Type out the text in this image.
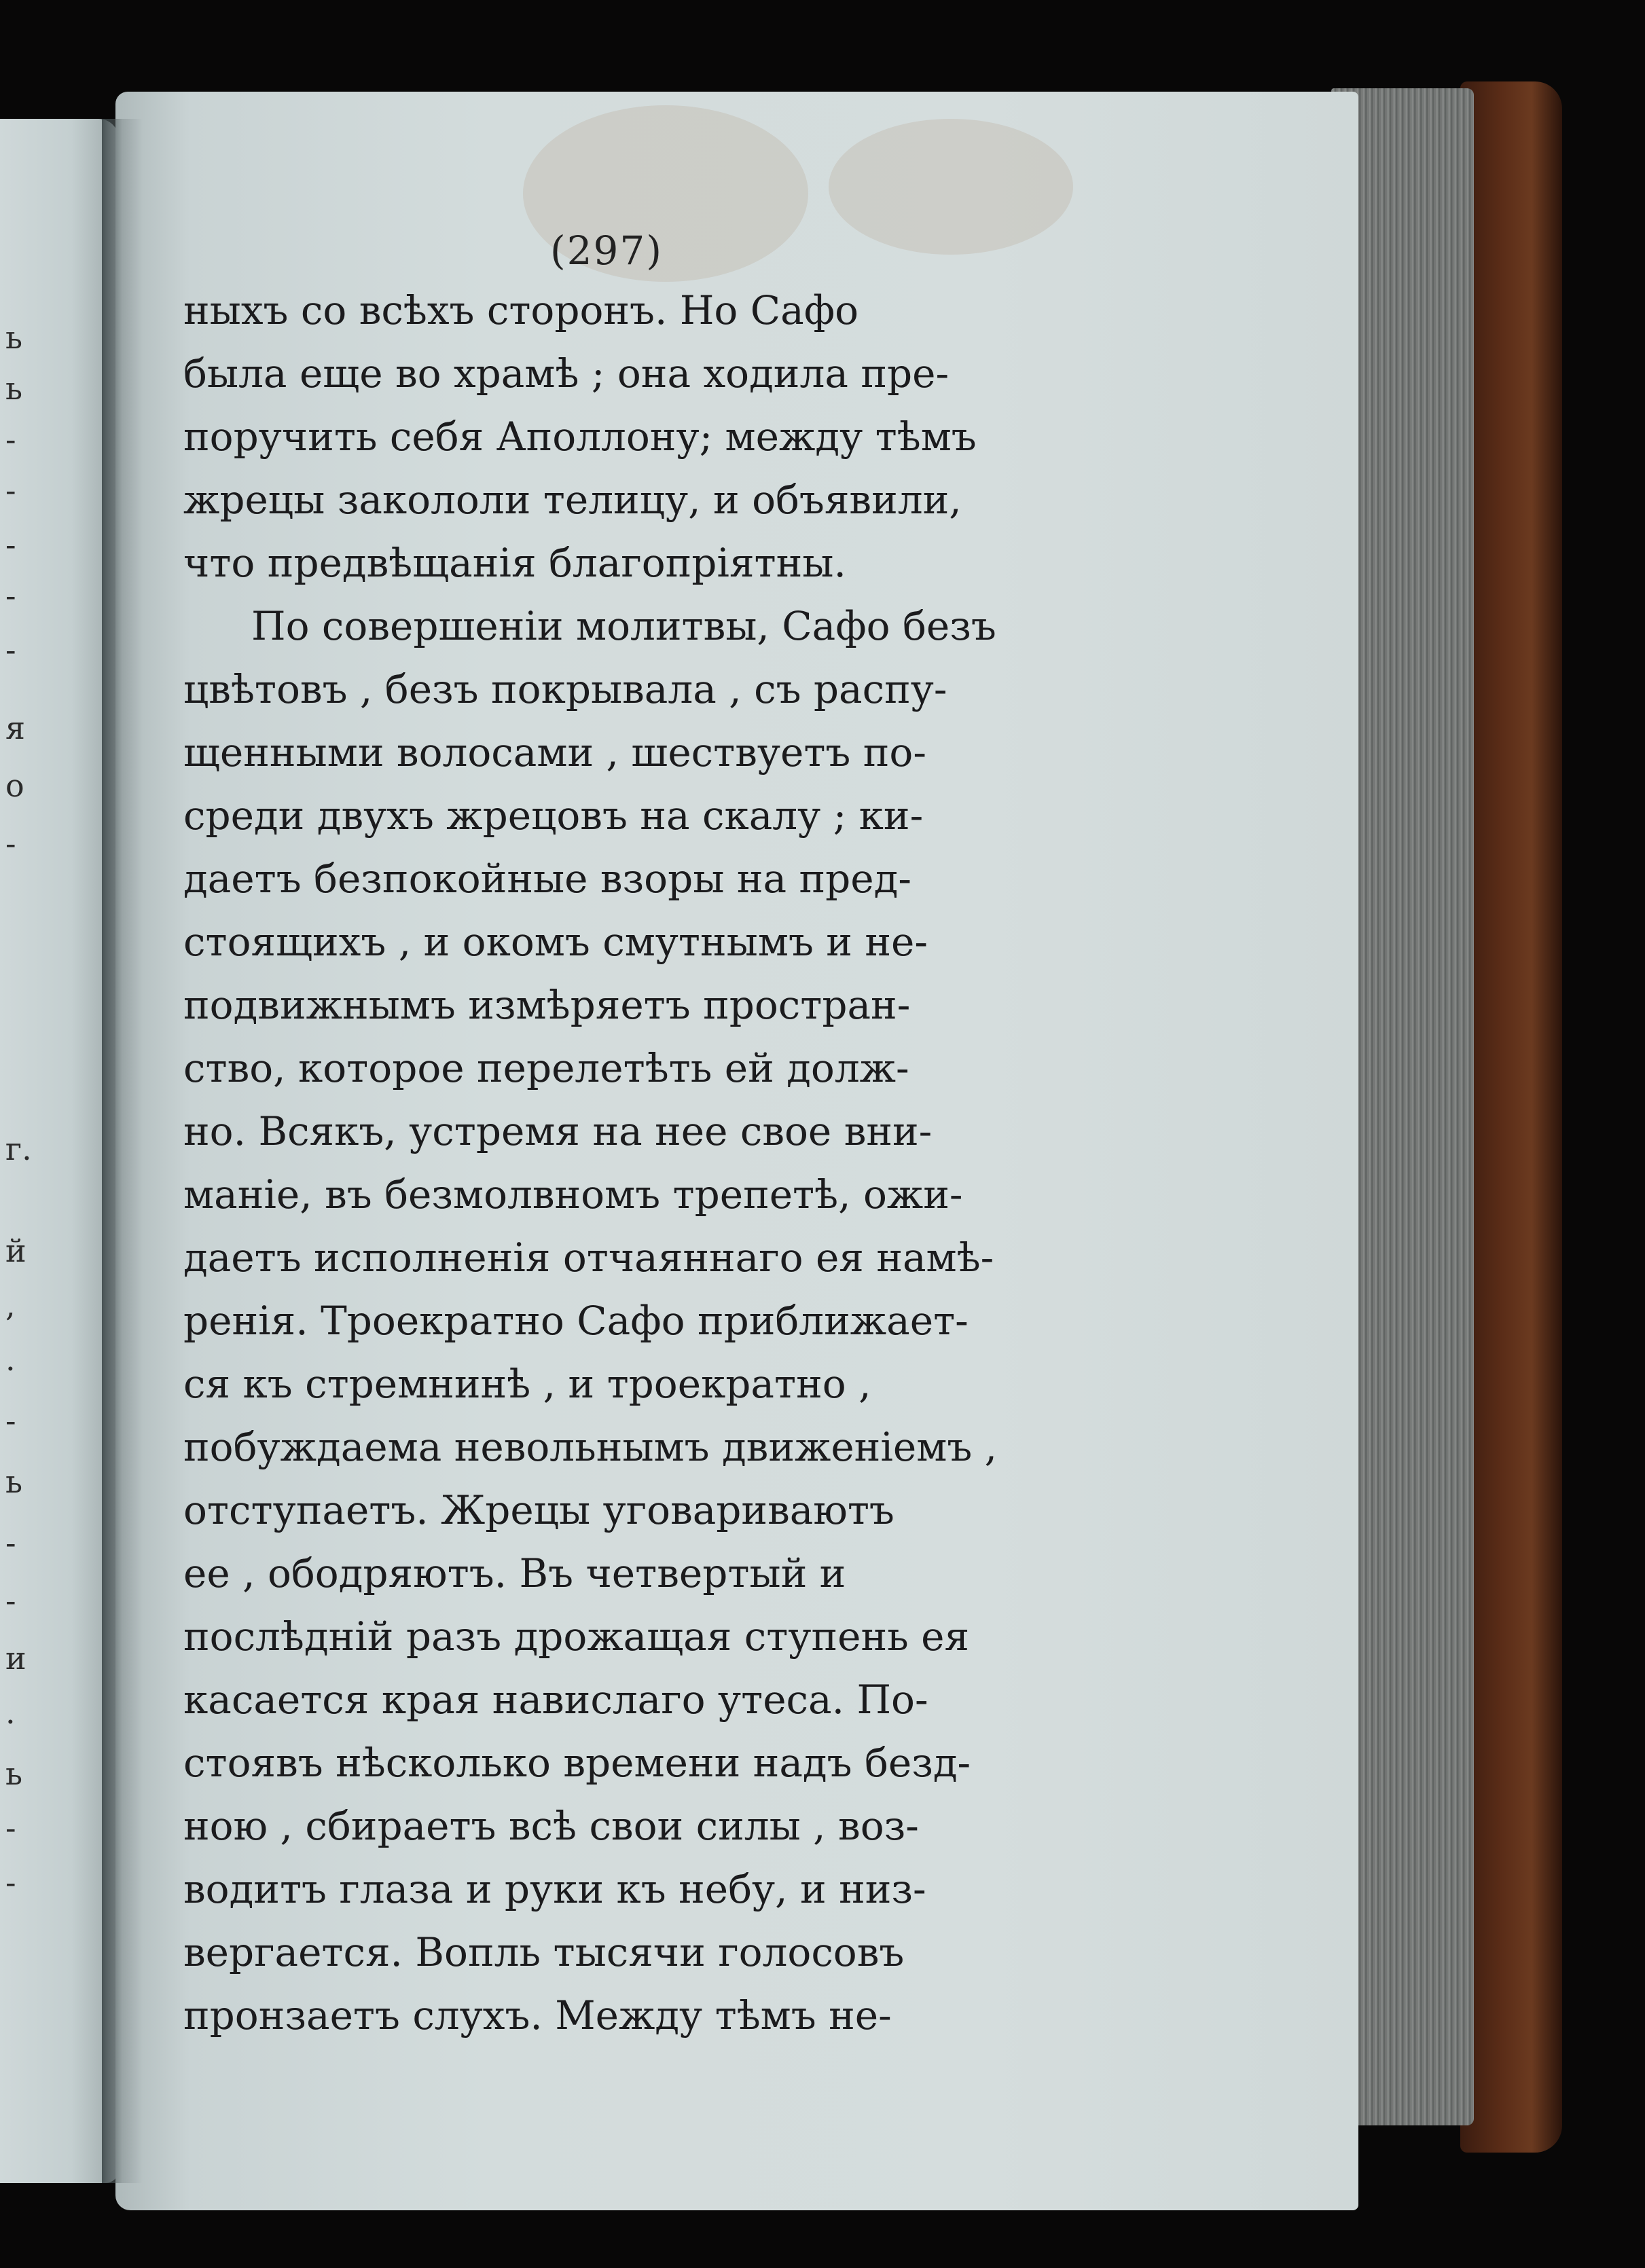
ь
ь
-
-
-
-
-
я
о
-
г.
й
,
.
-
ь
-
-
и
.
ь
-
-
(297)
ныхъ со всѣхъ сторонъ. Но Сафо
была еще во храмѣ ; она ходила пре-
поручить себя Аполлону; между тѣмъ
жрецы закололи телицу, и объявили,
что предвѣщанія благопріятны.
По совершеніи молитвы, Сафо безъ
цвѣтовъ , безъ покрывала , съ распу-
щенными волосами , шествуетъ по-
среди двухъ жрецовъ на скалу ; ки-
даетъ безпокойные взоры на пред-
стоящихъ , и окомъ смутнымъ и не-
подвижнымъ измѣряетъ простран-
ство, которое перелетѣть ей долж-
но. Всякъ, устремя на нее свое вни-
маніе, въ безмолвномъ трепетѣ, ожи-
даетъ исполненія отчаяннаго ея намѣ-
ренія. Троекратно Сафо приближает-
ся къ стремнинѣ , и троекратно ,
побуждаема невольнымъ движеніемъ ,
отступаетъ. Жрецы уговариваютъ
ее , ободряютъ. Въ четвертый и
послѣдній разъ дрожащая ступень ея
касается края навислаго утеса. По-
стоявъ нѣсколько времени надъ безд-
ною , сбираетъ всѣ свои силы , воз-
водитъ глаза и руки къ небу, и низ-
вергается. Вопль тысячи голосовъ
пронзаетъ слухъ. Между тѣмъ не-
